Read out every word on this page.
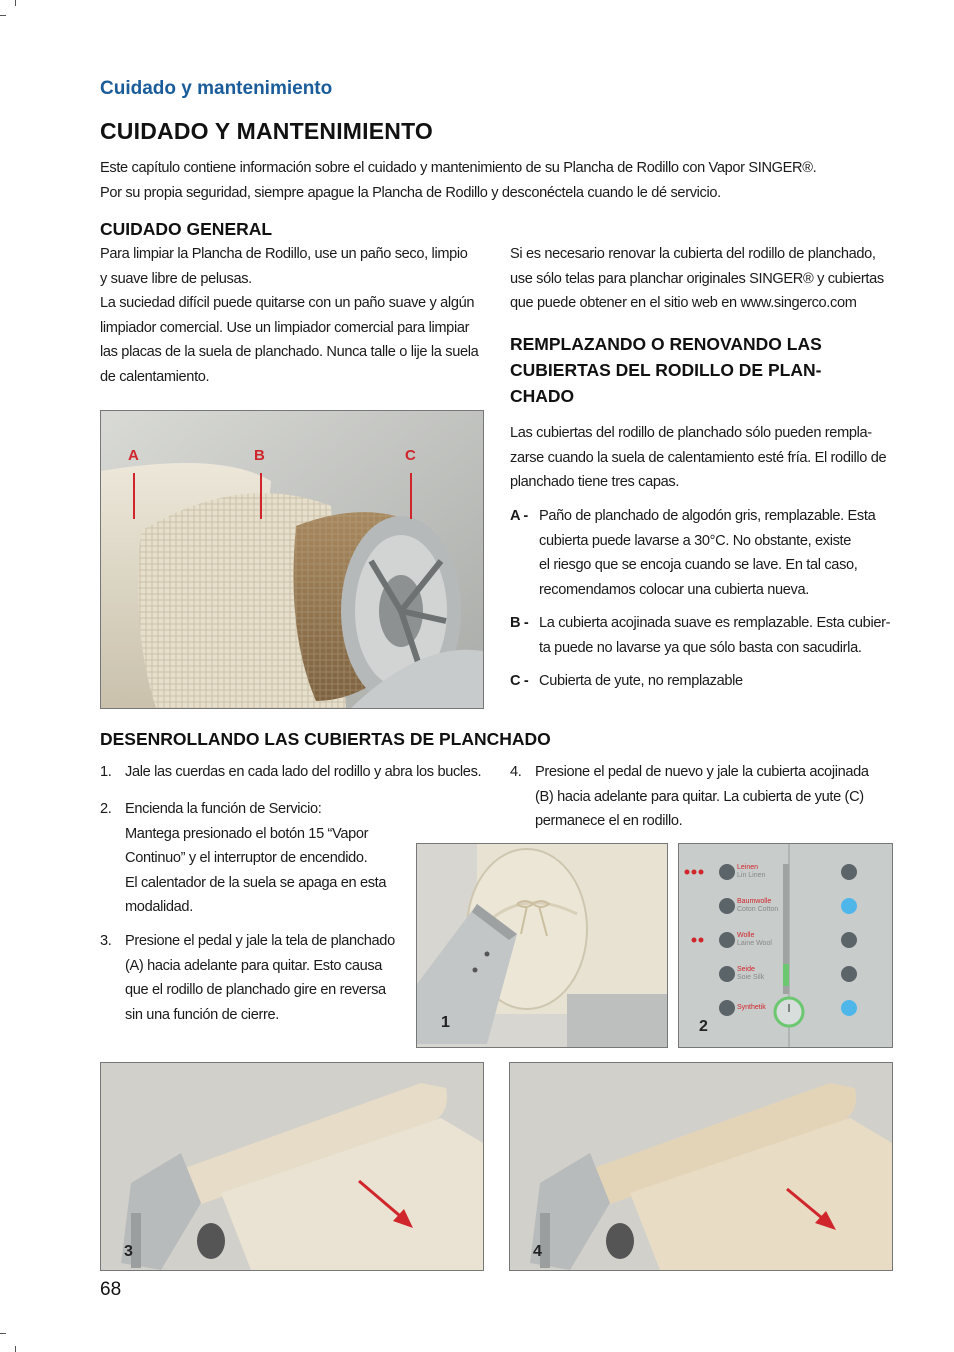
Cuidado y mantenimiento
CUIDADO Y MANTENIMIENTO
Este capítulo contiene información sobre el cuidado y mantenimiento de su Plancha de Rodillo con Vapor SINGER®.
Por su propia seguridad, siempre apague la Plancha de Rodillo y desconéctela cuando le dé servicio.
CUIDADO GENERAL
Para limpiar la Plancha de Rodillo, use un paño seco, limpio
y suave libre de pelusas.
La suciedad difícil puede quitarse con un paño suave y algún
limpiador comercial. Use un limpiador comercial para limpiar
las placas de la suela de planchado. Nunca talle o lije la suela
de calentamiento.
Si es necesario renovar la cubierta del rodillo de planchado,
use sólo telas para planchar originales SINGER® y cubiertas
que puede obtener en el sitio web en www.singerco.com
REMPLAZANDO O RENOVANDO LAS
CUBIERTAS DEL RODILLO DE PLAN-
CHADO
Las cubiertas del rodillo de planchado sólo pueden rempla-
zarse cuando la suela de calentamiento esté fría. El rodillo de
planchado tiene tres capas.
A - Paño de planchado de algodón gris, remplazable. Esta
cubierta puede lavarse a 30°C. No obstante, existe
el riesgo que se encoja cuando se lave. En tal caso,
recomendamos colocar una cubierta nueva.
B - La cubierta acojinada suave es remplazable. Esta cubier-
ta puede no lavarse ya que sólo basta con sacudirla.
C - Cubierta de yute, no remplazable
A	B	C
DESENROLLANDO LAS CUBIERTAS DE PLANCHADO
1. Jale las cuerdas en cada lado del rodillo y abra los bucles.
2. Encienda la función de Servicio:
Mantega presionado el botón 15 “Vapor
Continuo” y el interruptor de encendido.
El calentador de la suela se apaga en esta
modalidad.
3. Presione el pedal y jale la tela de planchado
(A) hacia adelante para quitar. Esto causa
que el rodillo de planchado gire en reversa
sin una función de cierre.
4. Presione el pedal de nuevo y jale la cubierta acojinada
(B) hacia adelante para quitar. La cubierta de yute (C)
permanece el en rodillo.
1
Leinen
Lin Linen
Baumwolle
Coton Cotton
Wolle
Laine Wool
Seide
Soie Silk
Synthetik
2
3	4
68
